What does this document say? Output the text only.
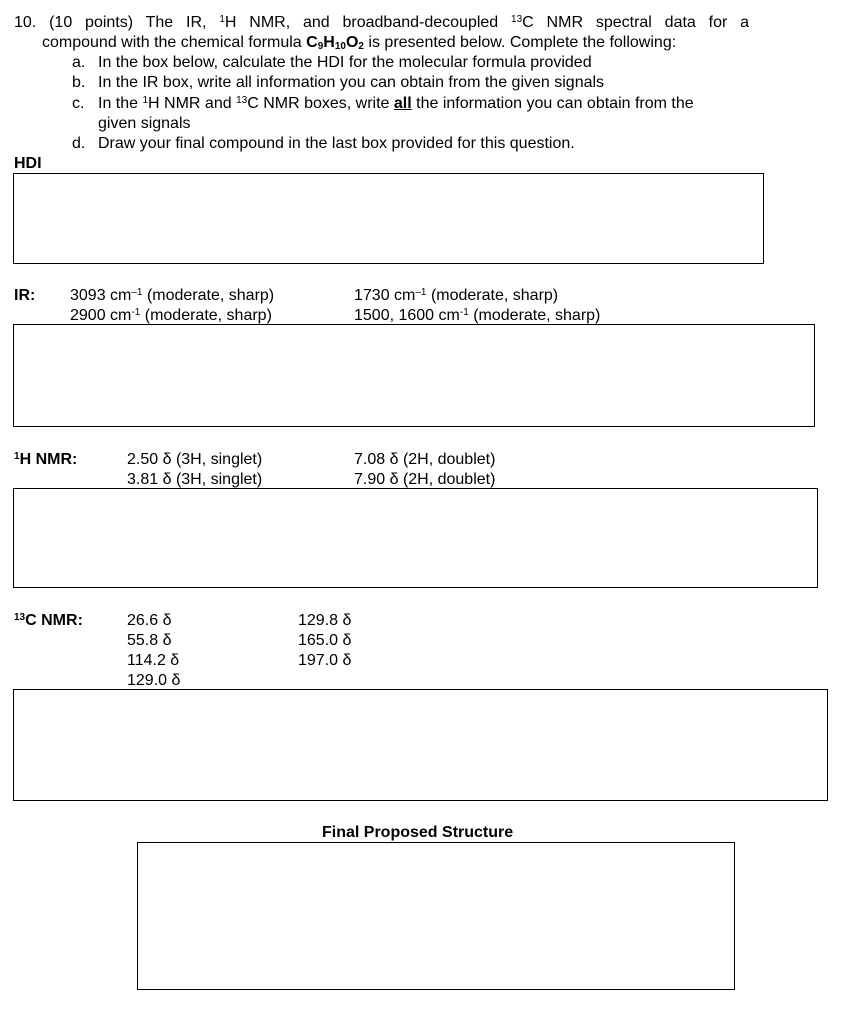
10. (10 points) The IR, $^1$H NMR, and broadband-decoupled $^{13}$C NMR spectral data for a
compound with the chemical formula $C_9H_{10}O_2$ is presented below. Complete the following:
a. In the box below, calculate the HDI for the molecular formula provided
b. In the IR box, write all information you can obtain from the given signals
c. In the $^1$H NMR and $^{13}$C NMR boxes, write all the information you can obtain from the
given signals
d. Draw your final compound in the last box provided for this question.
HDI
IR: 3093 $cm^{-1}$ (moderate, sharp)
2900 $cm^{-1}$ (moderate, sharp)
1730 $cm^{-1}$ (moderate, sharp)
1500, 1600 $cm^{-1}$ (moderate, sharp)
$^1$H NMR:	2.50 δ (3H, singlet)
3.81 δ (3H, singlet)
7.08 δ (2H, doublet)
7.90 δ (2H, doublet)
$^{13}$C NMR:	26.6 δ
55.8 δ
114.2 δ
129.0 δ
129.8 δ
165.0 δ
197.0 δ
Final Proposed Structure
